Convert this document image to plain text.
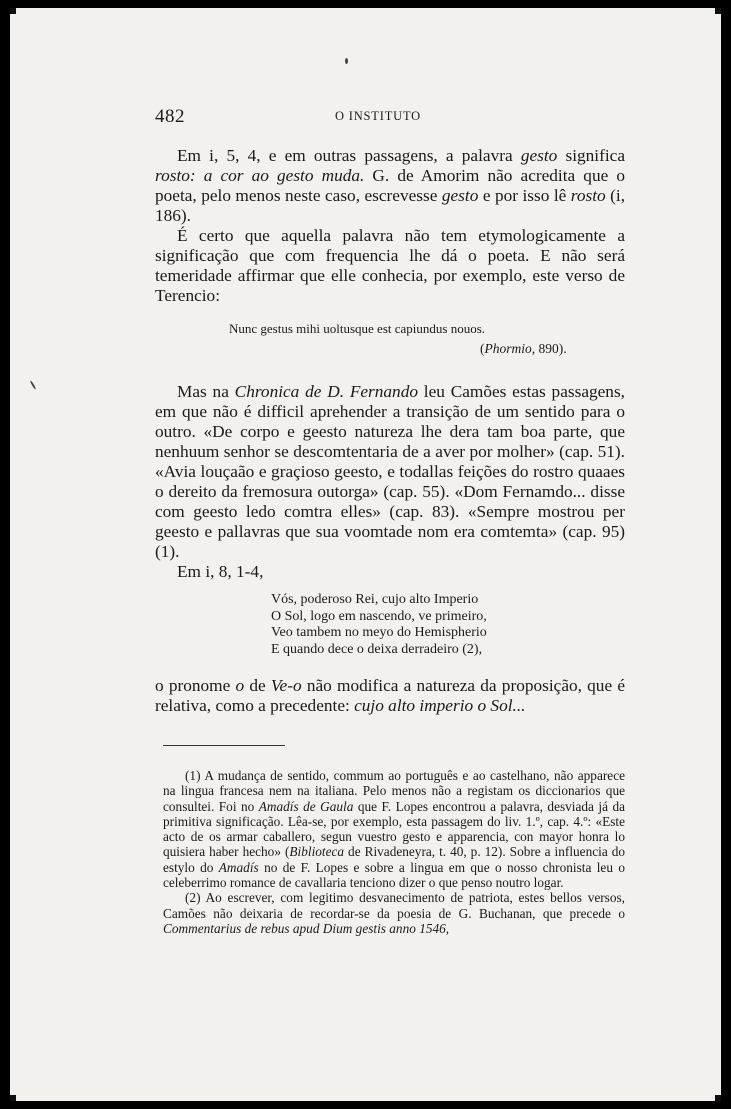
482	O INSTITUTO

Em i, 5, 4, e em outras passagens, a palavra gesto significa rosto: a cor ao gesto muda. G. de Amorim não acredita que o poeta, pelo menos neste caso, escrevesse gesto e por isso lê rosto (i, 186).

É certo que aquella palavra não tem etymologicamente a significação que com frequencia lhe dá o poeta. E não será temeridade affirmar que elle conhecia, por exemplo, este verso de Terencio:

Nunc gestus mihi uoltusque est capiundus nouos.
(Phormio, 890).

Mas na Chronica de D. Fernando leu Camões estas passagens, em que não é difficil aprehender a transição de um sentido para o outro. «De corpo e geesto natureza lhe dera tam boa parte, que nenhuum senhor se descomtentaria de a aver por molher» (cap. 51). «Avia louçaão e graçioso geesto, e todallas feições do rostro quaaes o dereito da fremosura outorga» (cap. 55). «Dom Fernamdo... disse com geesto ledo comtra elles» (cap. 83). «Sempre mostrou per geesto e pallavras que sua voomtade nom era comtemta» (cap. 95) (1).

Em i, 8, 1-4,

Vós, poderoso Rei, cujo alto Imperio
O Sol, logo em nascendo, ve primeiro,
Veo tambem no meyo do Hemispherio
E quando dece o deixa derradeiro (2),

o pronome o de Ve-o não modifica a natureza da proposição, que é relativa, como a precedente: cujo alto imperio o Sol...

(1) A mudança de sentido, commum ao português e ao castelhano, não apparece na lingua francesa nem na italiana. Pelo menos não a registam os diccionarios que consultei. Foi no Amadís de Gaula que F. Lopes encontrou a palavra, desviada já da primitiva significação. Lêa-se, por exemplo, esta passagem do liv. 1.º, cap. 4.º: «Este acto de os armar caballero, segun vuestro gesto e apparencia, con mayor honra lo quisiera haber hecho» (Biblioteca de Rivadeneyra, t. 40, p. 12). Sobre a influencia do estylo do Amadís no de F. Lopes e sobre a lingua em que o nosso chronista leu o celeberrimo romance de cavallaria tenciono dizer o que penso noutro logar.

(2) Ao escrever, com legitimo desvanecimento de patriota, estes bellos versos, Camões não deixaria de recordar-se da poesia de G. Buchanan, que precede o Commentarius de rebus apud Dium gestis anno 1546,
